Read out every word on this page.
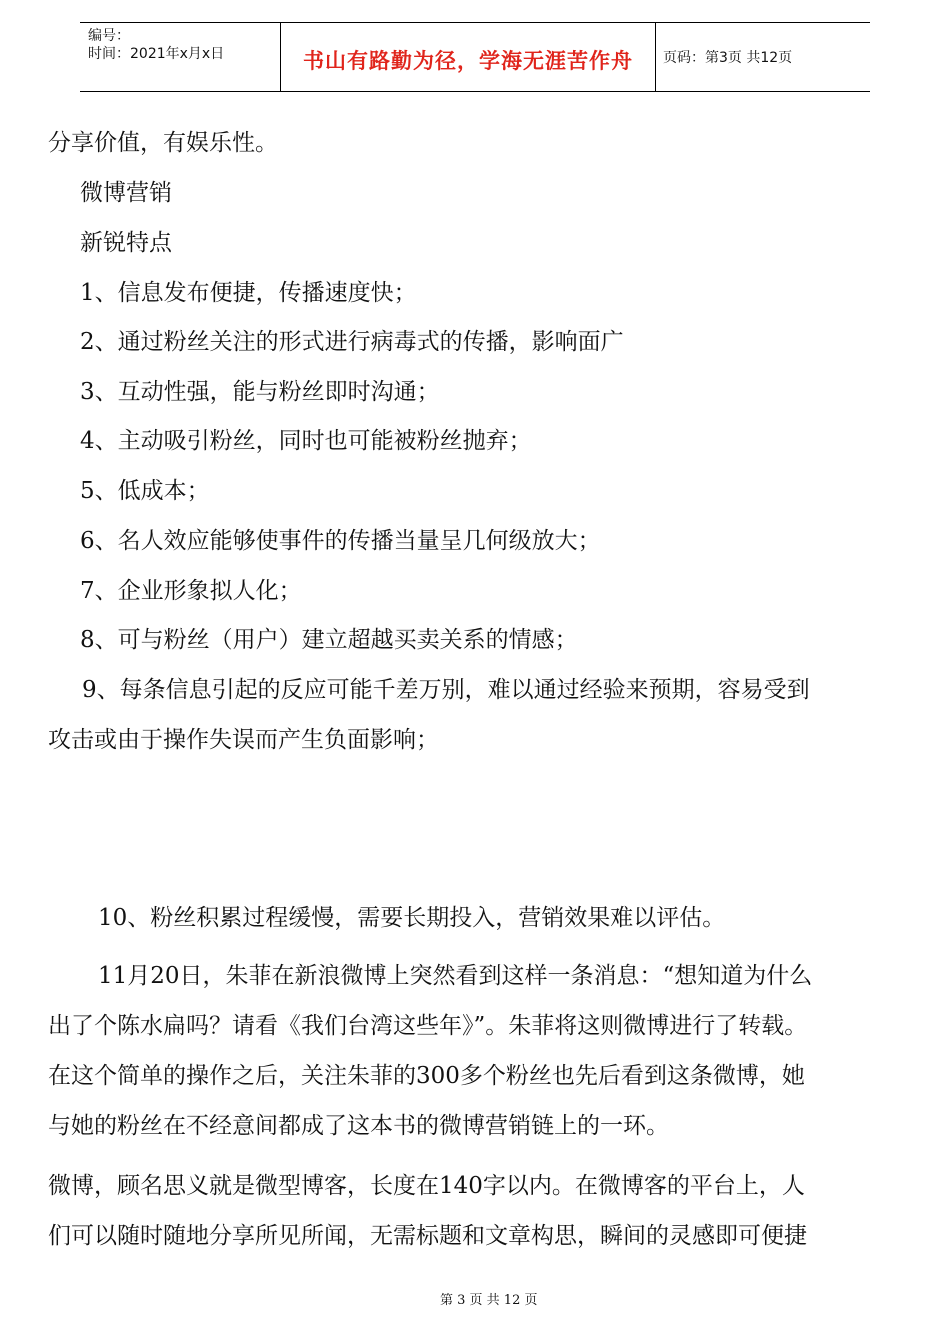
编号：
时间：2021年x月x日	书山有路勤为径，学海无涯苦作舟	页码：第3页 共12页
分享价值，有娱乐性。
微博营销
新锐特点
1、信息发布便捷，传播速度快；
2、通过粉丝关注的形式进行病毒式的传播，影响面广
3、互动性强，能与粉丝即时沟通；
4、主动吸引粉丝，同时也可能被粉丝抛弃；
5、低成本；
6、名人效应能够使事件的传播当量呈几何级放大；
7、企业形象拟人化；
8、可与粉丝（用户）建立超越买卖关系的情感；
9、每条信息引起的反应可能千差万别，难以通过经验来预期，容易受到
攻击或由于操作失误而产生负面影响；
10、粉丝积累过程缓慢，需要长期投入，营销效果难以评估。
11月20日，朱菲在新浪微博上突然看到这样一条消息：“想知道为什么
出了个陈水扁吗？请看《我们台湾这些年》”。朱菲将这则微博进行了转载。
在这个简单的操作之后，关注朱菲的300多个粉丝也先后看到这条微博，她
与她的粉丝在不经意间都成了这本书的微博营销链上的一环。
微博，顾名思义就是微型博客，长度在140字以内。在微博客的平台上，人
们可以随时随地分享所见所闻，无需标题和文章构思，瞬间的灵感即可便捷
第 3 页 共 12 页
